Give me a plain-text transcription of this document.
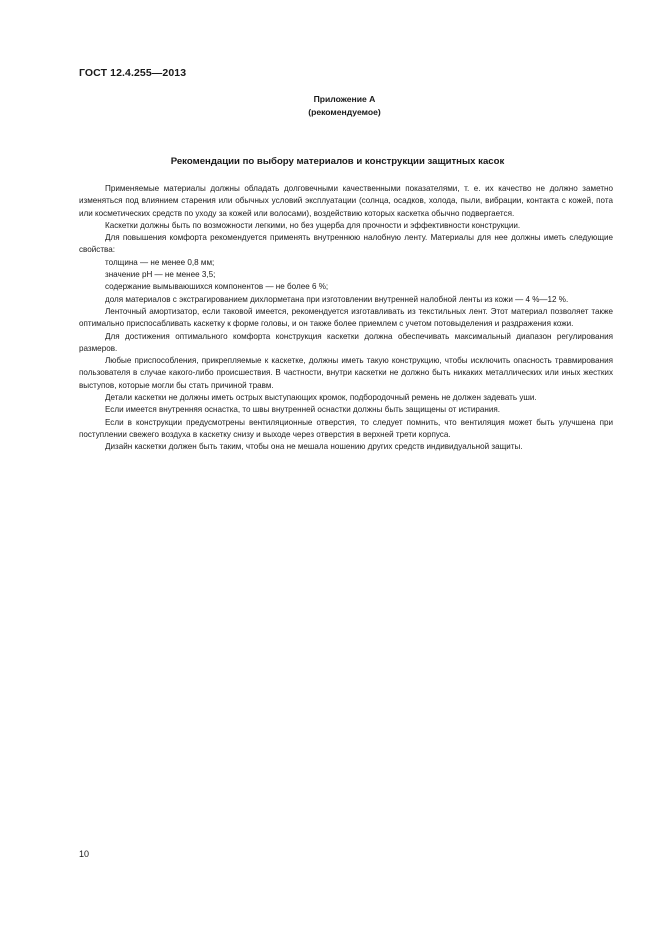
ГОСТ 12.4.255—2013
Приложение А
(рекомендуемое)
Рекомендации по выбору материалов и конструкции защитных касок

Применяемые материалы должны обладать долговечными качественными показателями, т. е. их качество не должно заметно изменяться под влиянием старения или обычных условий эксплуатации (солнца, осадков, холода, пыли, вибрации, контакта с кожей, пота или косметических средств по уходу за кожей или волосами), воздействию которых каскетка обычно подвергается.

Каскетки должны быть по возможности легкими, но без ущерба для прочности и эффективности конструкции.

Для повышения комфорта рекомендуется применять внутреннюю налобную ленту. Материалы для нее должны иметь следующие свойства:

толщина — не менее 0,8 мм;

значение pH — не менее 3,5;

содержание вымываюшихся компонентов — не более 6 %;

доля материалов с экстрагированием дихлорметана при изготовлении внутренней налобной ленты из кожи — 4 %—12 %.

Ленточный амортизатор, если таковой имеется, рекомендуется изготавливать из текстильных лент. Этот материал позволяет также оптимально приспосабливать каскетку к форме головы, и он также более приемлем с учетом потовыделения и раздражения кожи.

Для достижения оптимального комфорта конструкция каскетки должна обеспечивать максимальный диапазон регулирования размеров.

Любые приспособления, прикрепляемые к каскетке, должны иметь такую конструкцию, чтобы исключить опасность травмирования пользователя в случае какого-либо происшествия. В частности, внутри каскетки не должно быть никаких металлических или иных жестких выступов, которые могли бы стать причиной травм.

Детали каскетки не должны иметь острых выступающих кромок, подбородочный ремень не должен задевать уши.

Если имеется внутренняя оснастка, то швы внутренней оснастки должны быть защищены от истирания.

Если в конструкции предусмотрены вентиляционные отверстия, то следует помнить, что вентиляция может быть улучшена при поступлении свежего воздуха в каскетку снизу и выходе через отверстия в верхней трети корпуса.

Дизайн каскетки должен быть таким, чтобы она не мешала ношению других средств индивидуальной защиты.

10
